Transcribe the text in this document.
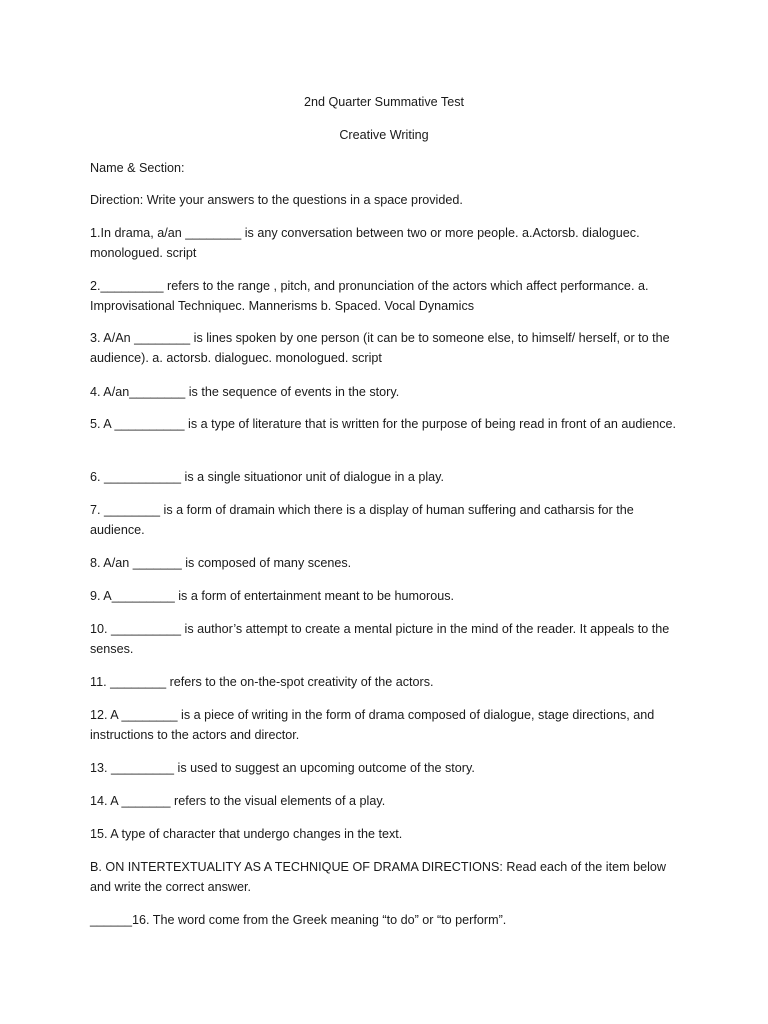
2nd Quarter Summative Test

Creative Writing

Name & Section:

Direction: Write your answers to the questions in a space provided.

1.In drama, a/an ________ is any conversation between two or more people. a.Actorsb. dialoguec. monologued. script

2._________ refers to the range , pitch, and pronunciation of the actors which affect performance. a. Improvisational Techniquec. Mannerisms b. Spaced. Vocal Dynamics

3. A/An ________ is lines spoken by one person (it can be to someone else, to himself/ herself, or to the audience). a. actorsb. dialoguec. monologued. script

4. A/an________ is the sequence of events in the story.

5. A __________ is a type of literature that is written for the purpose of being read in front of an audience.

6. ___________ is a single situationor unit of dialogue in a play.

7. ________ is a form of dramain which there is a display of human suffering and catharsis for the audience.

8. A/an _______ is composed of many scenes.

9. A_________ is a form of entertainment meant to be humorous.

10. __________ is author’s attempt to create a mental picture in the mind of the reader. It appeals to the senses.

11. ________ refers to the on-the-spot creativity of the actors.

12. A ________ is a piece of writing in the form of drama composed of dialogue, stage directions, and instructions to the actors and director.

13. _________ is used to suggest an upcoming outcome of the story.

14. A _______ refers to the visual elements of a play.

15. A type of character that undergo changes in the text.

B. ON INTERTEXTUALITY AS A TECHNIQUE OF DRAMA DIRECTIONS: Read each of the item below and write the correct answer.

______16. The word come from the Greek meaning “to do” or “to perform”.
